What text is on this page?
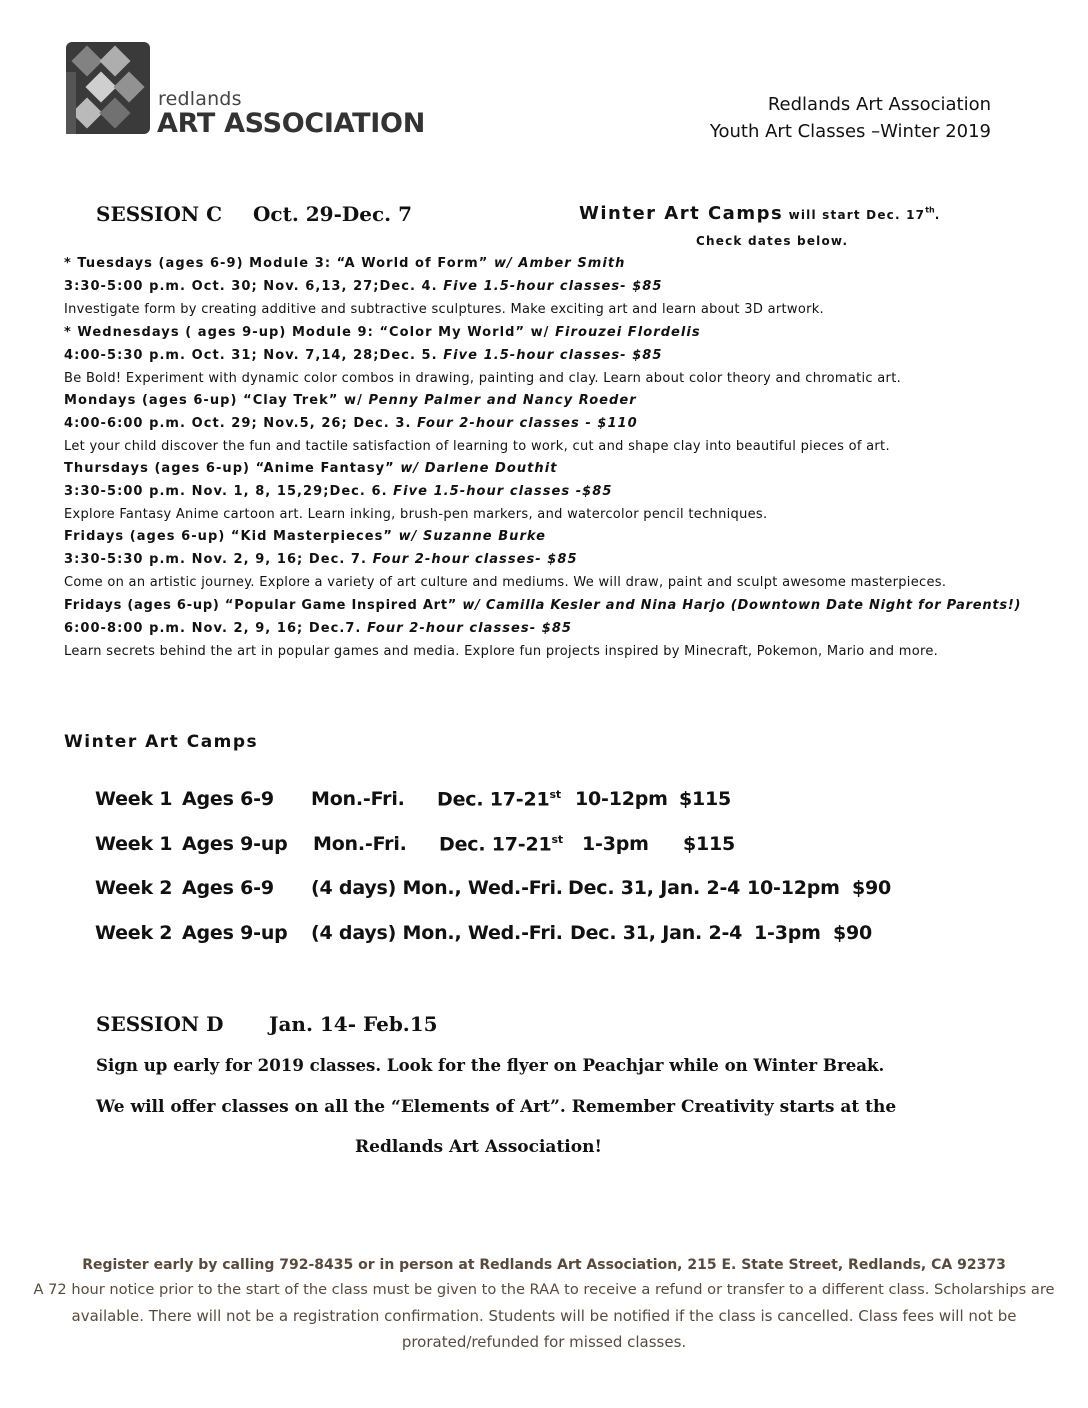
redlands
ART ASSOCIATION
Redlands Art Association
Youth Art Classes –Winter 2019
SESSION C Oct. 29-Dec. 7	Winter Art Camps will start Dec. 17th.
Check dates below.
* Tuesdays (ages 6-9) Module 3: “A World of Form” w/ Amber Smith
3:30-5:00 p.m. Oct. 30; Nov. 6,13, 27;Dec. 4. Five 1.5-hour classes- $85
Investigate form by creating additive and subtractive sculptures. Make exciting art and learn about 3D artwork.
* Wednesdays ( ages 9-up) Module 9: “Color My World” w/ Firouzei Flordelis
4:00-5:30 p.m. Oct. 31; Nov. 7,14, 28;Dec. 5. Five 1.5-hour classes- $85
Be Bold! Experiment with dynamic color combos in drawing, painting and clay. Learn about color theory and chromatic art.
Mondays (ages 6-up) “Clay Trek” w/ Penny Palmer and Nancy Roeder
4:00-6:00 p.m. Oct. 29; Nov.5, 26; Dec. 3. Four 2-hour classes - $110
Let your child discover the fun and tactile satisfaction of learning to work, cut and shape clay into beautiful pieces of art.
Thursdays (ages 6-up) “Anime Fantasy” w/ Darlene Douthit
3:30-5:00 p.m. Nov. 1, 8, 15,29;Dec. 6. Five 1.5-hour classes -$85
Explore Fantasy Anime cartoon art. Learn inking, brush-pen markers, and watercolor pencil techniques.
Fridays (ages 6-up) “Kid Masterpieces” w/ Suzanne Burke
3:30-5:30 p.m. Nov. 2, 9, 16; Dec. 7. Four 2-hour classes- $85
Come on an artistic journey. Explore a variety of art culture and mediums. We will draw, paint and sculpt awesome masterpieces.
Fridays (ages 6-up) “Popular Game Inspired Art” w/ Camilla Kesler and Nina Harjo (Downtown Date Night for Parents!)
6:00-8:00 p.m. Nov. 2, 9, 16; Dec.7. Four 2-hour classes- $85
Learn secrets behind the art in popular games and media. Explore fun projects inspired by Minecraft, Pokemon, Mario and more.
Winter Art Camps
Week 1 Ages 6-9 Mon.-Fri. Dec. 17-21st 10-12pm $115
Week 1 Ages 9-up Mon.-Fri. Dec. 17-21st 1-3pm $115
Week 2 Ages 6-9 (4 days) Mon., Wed.-Fri. Dec. 31, Jan. 2-4 10-12pm $90
Week 2 Ages 9-up (4 days) Mon., Wed.-Fri. Dec. 31, Jan. 2-4 1-3pm $90
SESSION D Jan. 14- Feb.15
Sign up early for 2019 classes. Look for the flyer on Peachjar while on Winter Break.
We will offer classes on all the “Elements of Art”. Remember Creativity starts at the
Redlands Art Association!
Register early by calling 792-8435 or in person at Redlands Art Association, 215 E. State Street, Redlands, CA 92373
A 72 hour notice prior to the start of the class must be given to the RAA to receive a refund or transfer to a different class. Scholarships are
available. There will not be a registration confirmation. Students will be notified if the class is cancelled. Class fees will not be
prorated/refunded for missed classes.
